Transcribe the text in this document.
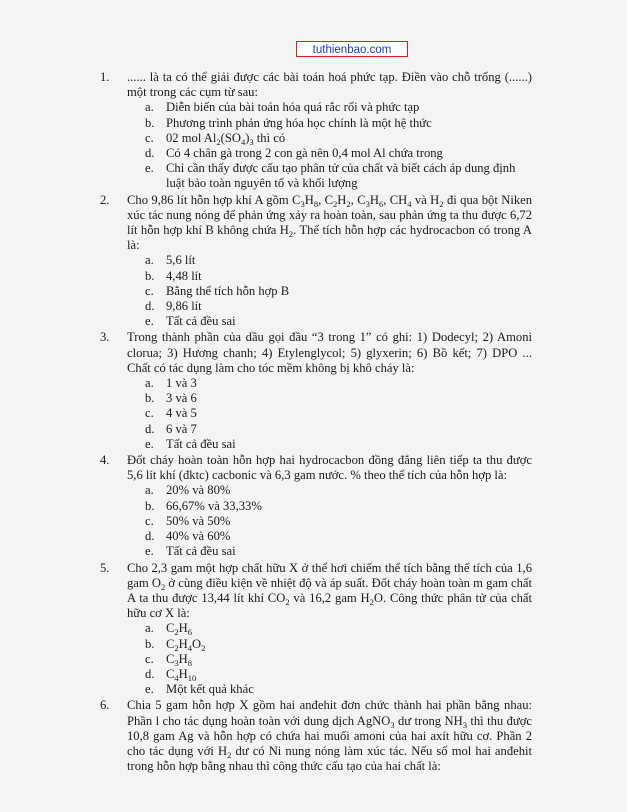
tuthienbao.com
1.	...... là ta có thể giải được các bài toán hoá phức tạp. Điền vào chỗ trống (......) một trong các cụm từ sau:
a. Diễn biến của bài toán hóa quá rắc rối và phức tạp
b. Phương trình phản ứng hóa học chính là một hệ thức
c. 02 mol $Al_2(SO_4)_3$ thì có
d. Có 4 chân gà trong 2 con gà nên 0,4 mol Al chứa trong
e. Chỉ cần thấy được cấu tạo phân tử của chất và biết cách áp dung định luật bảo toàn nguyên tố và khối lượng
2.	Cho 9,86 lít hỗn hợp khí A gồm $C_3H_8$, $C_2H_2$, $C_3H_6$, $CH_4$ và $H_2$ đi qua bột Niken xúc tác nung nóng để phản ứng xảy ra hoàn toàn, sau phản ứng ta thu được 6,72 lít hỗn hợp khí B không chứa $H_2$. Thể tích hỗn hợp các hydrocacbon có trong A là:
a. 5,6 lít
b. 4,48 lít
c. Bằng thể tích hỗn hợp B
d. 9,86 lít
e. Tất cả đều sai
3.	Trong thành phần của dầu gọi đầu “3 trong 1” có ghi: 1) Dodecyl; 2) Amoni clorua; 3) Hương chanh; 4) Etylenglycol; 5) glyxerin; 6) Bồ kết; 7) DPO ... Chất có tác dụng làm cho tóc mềm không bị khô cháy là:
a. 1 và 3
b. 3 và 6
c. 4 và 5
d. 6 và 7
e. Tất cả đều sai
4.	Đốt cháy hoàn toàn hỗn hợp hai hydrocacbon đồng đẳng liên tiếp ta thu được 5,6 lít khí (đktc) cacbonic và 6,3 gam nước. % theo thể tích của hỗn hợp là:
a. 20% và 80%
b. 66,67% và 33,33%
c. 50% và 50%
d. 40% và 60%
e. Tất cả đều sai
5.	Cho 2,3 gam một hợp chất hữu X ở thể hơi chiếm thể tích bằng thể tích của 1,6 gam $O_2$ ở cùng điều kiện về nhiệt độ và áp suất. Đốt cháy hoàn toàn m gam chất A ta thu được 13,44 lít khí $CO_2$ và 16,2 gam $H_2O$. Công thức phân tử của chất hữu cơ X là:
a. $C_2H_6$
b. $C_2H_4O_2$
c. $C_3H_8$
d. $C_4H_{10}$
e. Một kết quả khác
6.	Chia 5 gam hỗn hợp X gồm hai anđehit đơn chức thành hai phần bằng nhau: Phần l cho tác dụng hoàn toàn với dung dịch AgNO$_3$ dư trong $NH_3$ thì thu được 10,8 gam Ag và hỗn hợp có chứa hai muối amoni của hai axít hữu cơ. Phần 2 cho tác dụng với $H_2$ dư có Ni nung nóng làm xúc tác. Nếu số mol hai anđehit trong hỗn hợp bằng nhau thì công thức cấu tạo của hai chất là:
